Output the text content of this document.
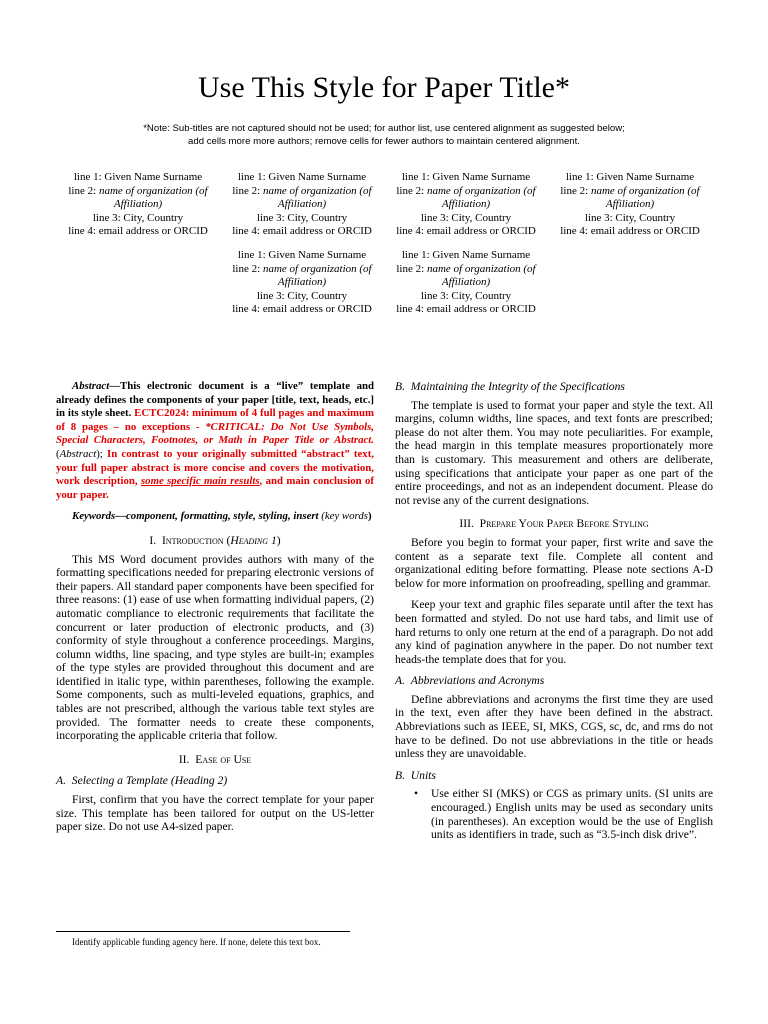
Use This Style for Paper Title*
*Note: Sub-titles are not captured should not be used; for author list, use centered alignment as suggested below;
add cells more more authors; remove cells for fewer authors to maintain centered alignment.
line 1: Given Name Surname
line 2: name of organization (of Affiliation)
line 3: City, Country
line 4: email address or ORCID
line 1: Given Name Surname
line 2: name of organization (of Affiliation)
line 3: City, Country
line 4: email address or ORCID
line 1: Given Name Surname
line 2: name of organization (of Affiliation)
line 3: City, Country
line 4: email address or ORCID
line 1: Given Name Surname
line 2: name of organization (of Affiliation)
line 3: City, Country
line 4: email address or ORCID
line 1: Given Name Surname
line 2: name of organization (of Affiliation)
line 3: City, Country
line 4: email address or ORCID
line 1: Given Name Surname
line 2: name of organization (of Affiliation)
line 3: City, Country
line 4: email address or ORCID

Abstract—This electronic document is a “live” template and already defines the components of your paper [title, text, heads, etc.] in its style sheet. ECTC2024: minimum of 4 full pages and maximum of 8 pages – no exceptions - *CRITICAL: Do Not Use Symbols, Special Characters, Footnotes, or Math in Paper Title or Abstract. (Abstract); In contrast to your originally submitted “abstract” text, your full paper abstract is more concise and covers the motivation, work description, some specific main results, and main conclusion of your paper.

Keywords—component, formatting, style, styling, insert (key words)

I. Introduction (Heading 1)

This MS Word document provides authors with many of the formatting specifications needed for preparing electronic versions of their papers. All standard paper components have been specified for three reasons: (1) ease of use when formatting individual papers, (2) automatic compliance to electronic requirements that facilitate the concurrent or later production of electronic products, and (3) conformity of style throughout a conference proceedings. Margins, column widths, line spacing, and type styles are built-in; examples of the type styles are provided throughout this document and are identified in italic type, within parentheses, following the example. Some components, such as multi-leveled equations, graphics, and tables are not prescribed, although the various table text styles are provided. The formatter needs to create these components, incorporating the applicable criteria that follow.

II. Ease of Use

A. Selecting a Template (Heading 2)

First, confirm that you have the correct template for your paper size. This template has been tailored for output on the US-letter paper size. Do not use A4-sized paper.

B. Maintaining the Integrity of the Specifications

The template is used to format your paper and style the text. All margins, column widths, line spaces, and text fonts are prescribed; please do not alter them. You may note peculiarities. For example, the head margin in this template measures proportionately more than is customary. This measurement and others are deliberate, using specifications that anticipate your paper as one part of the entire proceedings, and not as an independent document. Please do not revise any of the current designations.

III. Prepare Your Paper Before Styling

Before you begin to format your paper, first write and save the content as a separate text file. Complete all content and organizational editing before formatting. Please note sections A-D below for more information on proofreading, spelling and grammar.

Keep your text and graphic files separate until after the text has been formatted and styled. Do not use hard tabs, and limit use of hard returns to only one return at the end of a paragraph. Do not add any kind of pagination anywhere in the paper. Do not number text heads-the template does that for you.

A. Abbreviations and Acronyms

Define abbreviations and acronyms the first time they are used in the text, even after they have been defined in the abstract. Abbreviations such as IEEE, SI, MKS, CGS, sc, dc, and rms do not have to be defined. Do not use abbreviations in the title or heads unless they are unavoidable.

B. Units

• Use either SI (MKS) or CGS as primary units. (SI units are encouraged.) English units may be used as secondary units (in parentheses). An exception would be the use of English units as identifiers in trade, such as “3.5-inch disk drive”.
Identify applicable funding agency here. If none, delete this text box.
